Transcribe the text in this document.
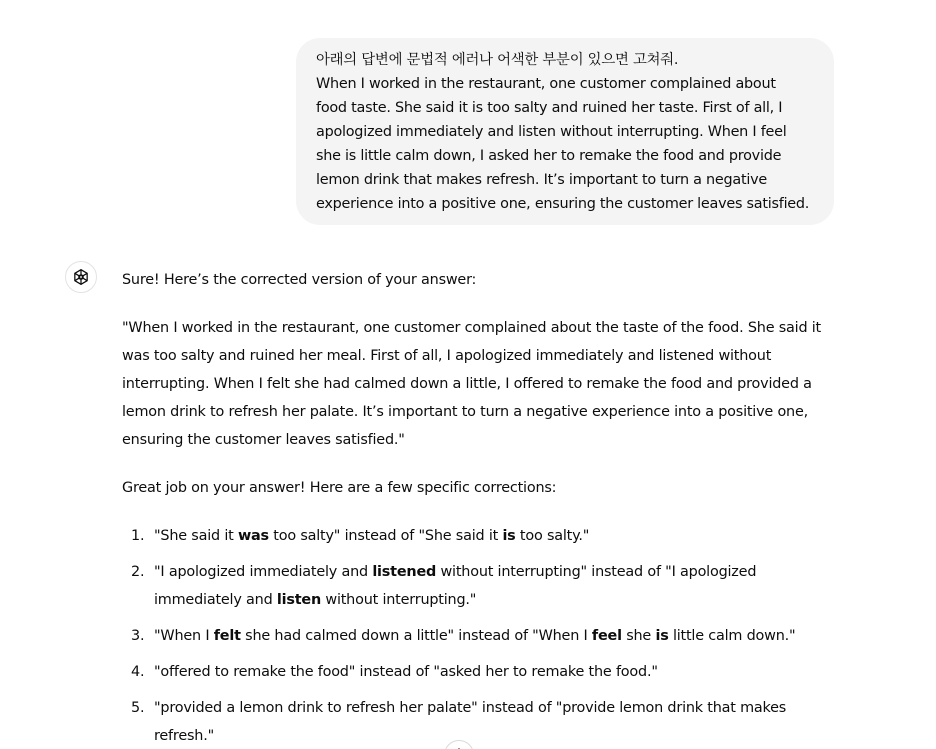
아래의 답변에 문법적 에러나 어색한 부분이 있으면 고쳐줘.
When I worked in the restaurant, one customer complained about
food taste. She said it is too salty and ruined her taste. First of all, I
apologized immediately and listen without interrupting. When I feel
she is little calm down, I asked her to remake the food and provide
lemon drink that makes refresh. It’s important to turn a negative
experience into a positive one, ensuring the customer leaves satisfied.

Sure! Here’s the corrected version of your answer:

"When I worked in the restaurant, one customer complained about the taste of the food. She said it
was too salty and ruined her meal. First of all, I apologized immediately and listened without
interrupting. When I felt she had calmed down a little, I offered to remake the food and provided a
lemon drink to refresh her palate. It’s important to turn a negative experience into a positive one,
ensuring the customer leaves satisfied."

Great job on your answer! Here are a few specific corrections:

1. "She said it was too salty" instead of "She said it is too salty."
2. "I apologized immediately and listened without interrupting" instead of "I apologized
immediately and listen without interrupting."
3. "When I felt she had calmed down a little" instead of "When I feel she is little calm down."
4. "offered to remake the food" instead of "asked her to remake the food."
5. "provided a lemon drink to refresh her palate" instead of "provide lemon drink that makes
refresh."
